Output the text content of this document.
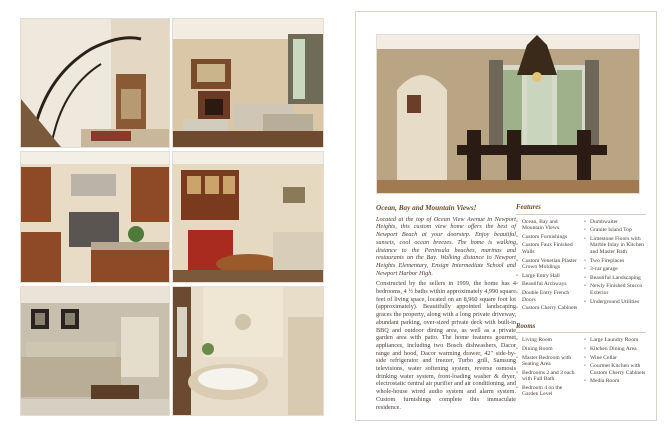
Ocean, Bay and Mountain Views!

Located at the top of Ocean View Avenue in Newport Heights, this custom view home offers the best of Newport Beach at your doorstep. Enjoy beautiful sunsets, cool ocean breezes. The home is walking distance to the Peninsula beaches, marinas and restaurants on the Bay. Walking distance to Newport Heights Elementary, Ensign Intermediate School and Newport Harbor High.

Constructed by the sellers in 1999, the home has 4 bedrooms, 4 ½ baths within approximately 4,990 square feet of living space, located on an 8,960 square foot lot (approximately). Beautifully appointed landscaping graces the property, along with a long private driveway, abundant parking, over-sized private deck with built-in BBQ and outdoor dining area, as well as a private garden area with patio. The home features gourmet appliances, including two Bosch dishwashers, Dacor range and hood, Dacor warming drawer, 42" side-by-side refrigerator and freezer, Turbo grill, Samsung televisions, water softening system, reverse osmosis drinking water system, front-loading washer & dryer, electrostatic central air purifier and air conditioning, and whole-house wired audio system and alarm system. Custom furnishings complete this immaculate residence.

Features
• Ocean, Bay and Mountain Views
• Custom Furnishings
• Custom Faux Finished Walls
• Custom Venetian Plaster Crown Moldings
• Large Entry Hall
• Beautiful Archways
• Double Entry French Doors
• Custom Cherry Cabinets
• Dumbwaiter
• Granite Island Top
• Limestone Floors with Marble Inlay in Kitchen and Master Bath
• Two Fireplaces
• 3-car garage
• Beautiful Landscaping
• Newly Finished Stucco Exterior
• Underground Utilities
Rooms
• Living Room
• Dining Room
• Master Bedroom with Seating Area
• Bedrooms 2 and 3 each with Full Bath
• Bedroom 4 on the Garden Level
• Large Laundry Room
• Kitchen Dining Area
• Wine Cellar
• Gourmet Kitchen with Custom Cherry Cabinets
• Media Room
